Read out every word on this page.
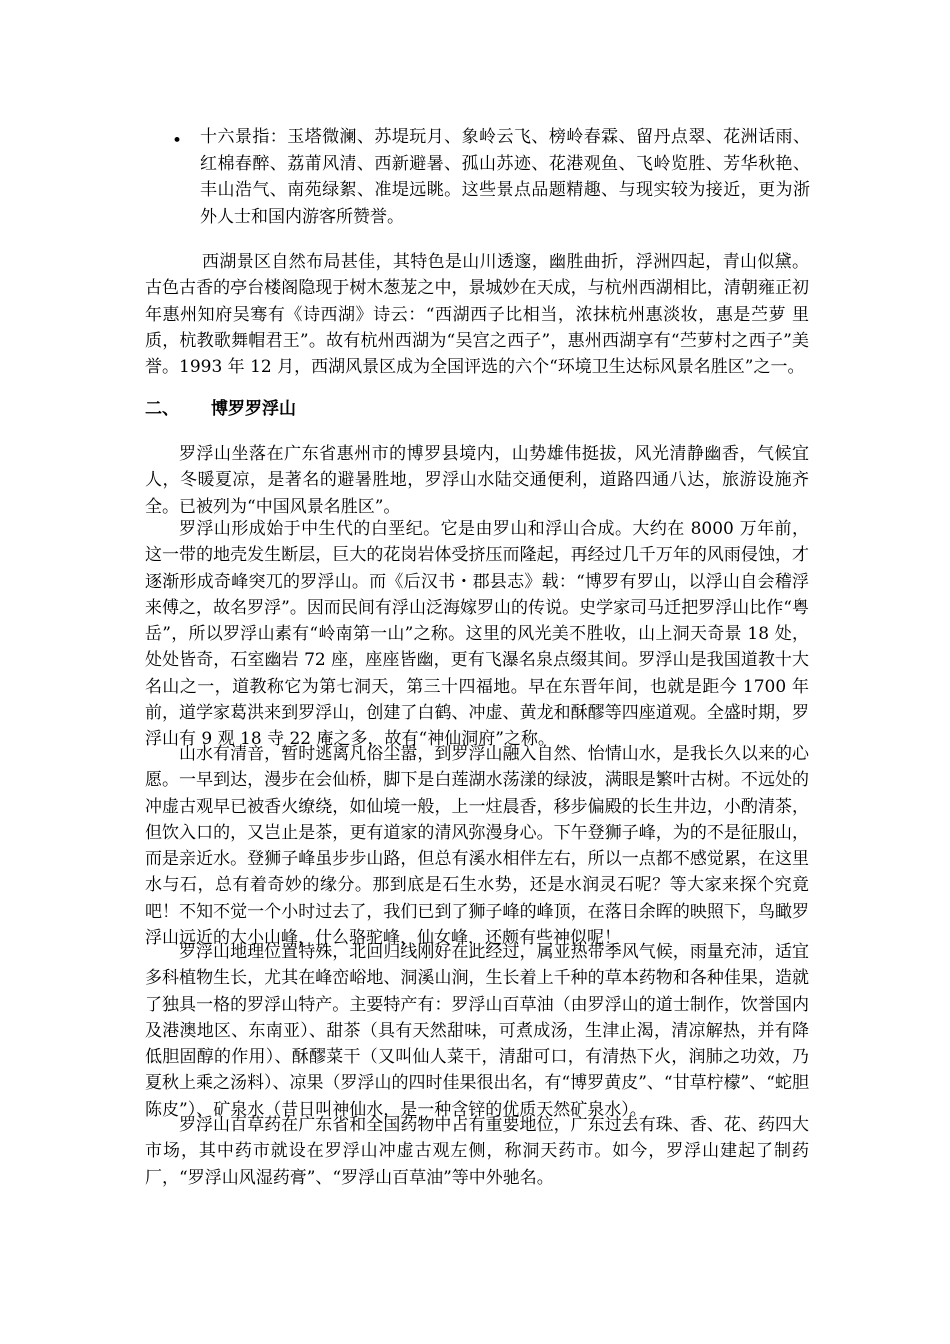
• 十六景指：玉塔微澜、苏堤玩月、象岭云飞、榜岭春霖、留丹点翠、花洲话雨、红棉春醉、荔莆风清、西新避暑、孤山苏迹、花港观鱼、飞岭览胜、芳华秋艳、丰山浩气、南苑绿絮、准堤远眺。这些景点品题精趣、与现实较为接近，更为浙外人士和国内游客所赞誉。

西湖景区自然布局甚佳，其特色是山川透邃，幽胜曲折，浮洲四起，青山似黛。古色古香的亭台楼阁隐现于树木葱茏之中，景城妙在天成，与杭州西湖相比，清朝雍正初年惠州知府吴骞有《诗西湖》诗云：“西湖西子比相当，浓抹杭州惠淡妆，惠是苎萝 里质，杭教歌舞帽君王”。故有杭州西湖为“吴宫之西子”，惠州西湖享有“苎萝村之西子”美誉。1993 年 12 月，西湖风景区成为全国评选的六个“环境卫生达标风景名胜区”之一。

二、 博罗罗浮山

罗浮山坐落在广东省惠州市的博罗县境内，山势雄伟挺拔，风光清静幽香，气候宜人，冬暖夏凉，是著名的避暑胜地，罗浮山水陆交通便利，道路四通八达，旅游设施齐全。已被列为“中国风景名胜区”。

罗浮山形成始于中生代的白垩纪。它是由罗山和浮山合成。大约在 8000 万年前，这一带的地壳发生断层，巨大的花岗岩体受挤压而隆起，再经过几千万年的风雨侵蚀，才逐渐形成奇峰突兀的罗浮山。而《后汉书・郡县志》载：“博罗有罗山，以浮山自会稽浮来傅之，故名罗浮”。因而民间有浮山泛海嫁罗山的传说。史学家司马迁把罗浮山比作“粤岳”，所以罗浮山素有“岭南第一山”之称。这里的风光美不胜收，山上洞天奇景 18 处，处处皆奇，石室幽岩 72 座，座座皆幽，更有飞瀑名泉点缀其间。罗浮山是我国道教十大名山之一，道教称它为第七洞天，第三十四福地。早在东晋年间，也就是距今 1700 年前，道学家葛洪来到罗浮山，创建了白鹤、冲虚、黄龙和酥醪等四座道观。全盛时期，罗浮山有 9 观 18 寺 22 庵之多，故有“神仙洞府”之称。

山水有清音，暂时逃离凡俗尘嚣，到罗浮山融入自然、怡情山水，是我长久以来的心愿。一早到达，漫步在会仙桥，脚下是白莲湖水荡漾的绿波，满眼是繁叶古树。不远处的冲虚古观早已被香火缭绕，如仙境一般，上一炷晨香，移步偏殿的长生井边，小酌清茶，但饮入口的，又岂止是茶，更有道家的清风弥漫身心。下午登狮子峰，为的不是征服山，而是亲近水。登狮子峰虽步步山路，但总有溪水相伴左右，所以一点都不感觉累，在这里水与石，总有着奇妙的缘分。那到底是石生水势，还是水润灵石呢？等大家来探个究竟吧！不知不觉一个小时过去了，我们已到了狮子峰的峰顶，在落日余晖的映照下，鸟瞰罗浮山远近的大小山峰，什么骆驼峰，仙女峰，还颇有些神似呢！

罗浮山地理位置特殊，北回归线刚好在此经过，属亚热带季风气候，雨量充沛，适宜多科植物生长，尤其在峰峦峪地、洞溪山涧，生长着上千种的草本药物和各种佳果，造就了独具一格的罗浮山特产。主要特产有：罗浮山百草油（由罗浮山的道士制作，饮誉国内及港澳地区、东南亚）、甜茶（具有天然甜味，可煮成汤，生津止渴，清凉解热，并有降低胆固醇的作用）、酥醪菜干（又叫仙人菜干，清甜可口，有清热下火，润肺之功效，乃夏秋上乘之汤料）、凉果（罗浮山的四时佳果很出名，有“博罗黄皮”、“甘草柠檬”、“蛇胆陈皮”）、矿泉水（昔日叫神仙水，是一种含锌的优质天然矿泉水）。

罗浮山百草药在广东省和全国药物中占有重要地位，广东过去有珠、香、花、药四大市场，其中药市就设在罗浮山冲虚古观左侧，称洞天药市。如今，罗浮山建起了制药厂，“罗浮山风湿药膏”、“罗浮山百草油”等中外驰名。
